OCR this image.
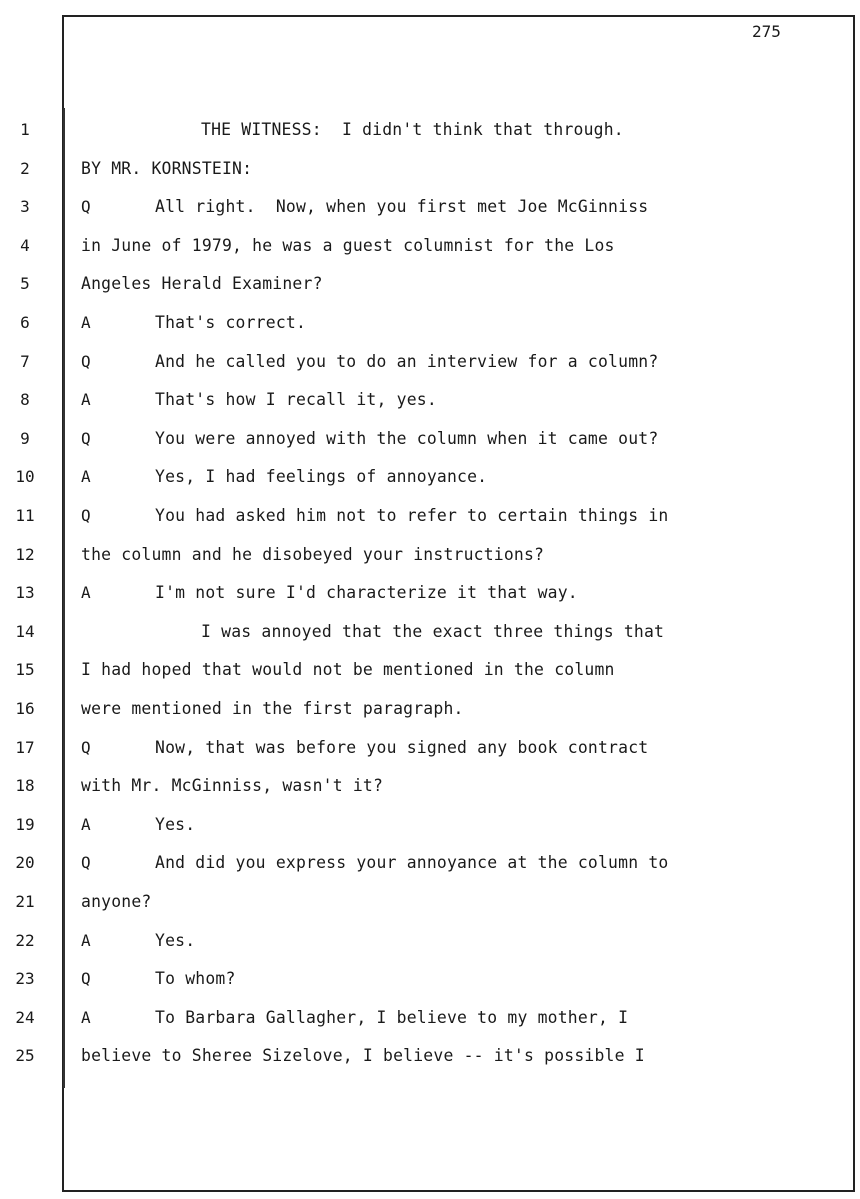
275
1	THE WITNESS:  I didn't think that through.
2	BY MR. KORNSTEIN:
3	Q	All right.  Now, when you first met Joe McGinniss
4	in June of 1979, he was a guest columnist for the Los
5	Angeles Herald Examiner?
6	A	That's correct.
7	Q	And he called you to do an interview for a column?
8	A	That's how I recall it, yes.
9	Q	You were annoyed with the column when it came out?
10	A	Yes, I had feelings of annoyance.
11	Q	You had asked him not to refer to certain things in
12	the column and he disobeyed your instructions?
13	A	I'm not sure I'd characterize it that way.
14	I was annoyed that the exact three things that
15	I had hoped that would not be mentioned in the column
16	were mentioned in the first paragraph.
17	Q	Now, that was before you signed any book contract
18	with Mr. McGinniss, wasn't it?
19	A	Yes.
20	Q	And did you express your annoyance at the column to
21	anyone?
22	A	Yes.
23	Q	To whom?
24	A	To Barbara Gallagher, I believe to my mother, I
25	believe to Sheree Sizelove, I believe -- it's possible I
